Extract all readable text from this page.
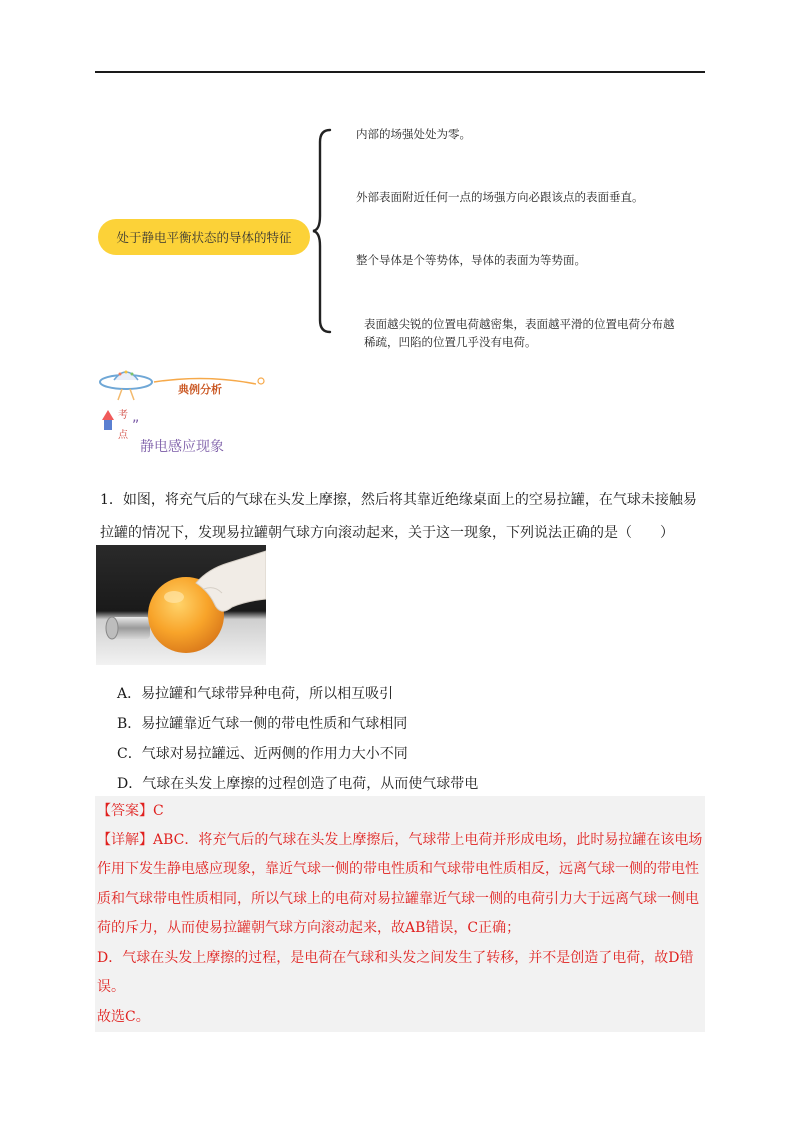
处于静电平衡状态的导体的特征
内部的场强处处为零。
外部表面附近任何一点的场强方向必跟该点的表面垂直。
整个导体是个等势体，导体的表面为等势面。
表面越尖锐的位置电荷越密集，表面越平滑的位置电荷分布越
稀疏，凹陷的位置几乎没有电荷。
典例分析
考
点
”
静电感应现象
1．如图，将充气后的气球在头发上摩擦，然后将其靠近绝缘桌面上的空易拉罐，在气球未接触易
拉罐的情况下，发现易拉罐朝气球方向滚动起来，关于这一现象，下列说法正确的是（　　）
A．易拉罐和气球带异种电荷，所以相互吸引
B．易拉罐靠近气球一侧的带电性质和气球相同
C．气球对易拉罐远、近两侧的作用力大小不同
D．气球在头发上摩擦的过程创造了电荷，从而使气球带电
【答案】C
【详解】ABC．将充气后的气球在头发上摩擦后，气球带上电荷并形成电场，此时易拉罐在该电场
作用下发生静电感应现象，靠近气球一侧的带电性质和气球带电性质相反，远离气球一侧的带电性
质和气球带电性质相同，所以气球上的电荷对易拉罐靠近气球一侧的电荷引力大于远离气球一侧电
荷的斥力，从而使易拉罐朝气球方向滚动起来，故AB错误，C正确；
D．气球在头发上摩擦的过程，是电荷在气球和头发之间发生了转移，并不是创造了电荷，故D错
误。
故选C。
